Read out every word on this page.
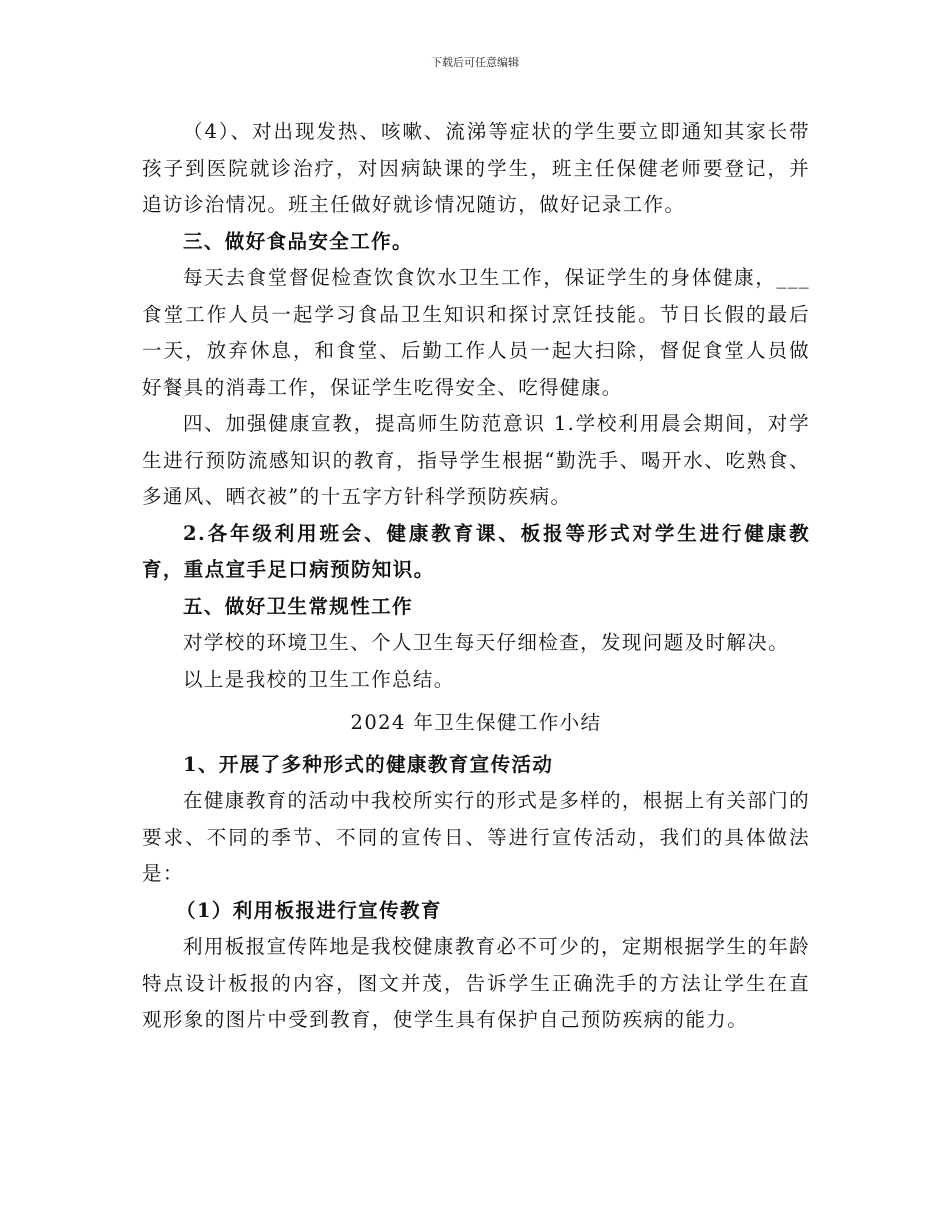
下载后可任意编辑

（4）、对出现发热、咳嗽、流涕等症状的学生要立即通知其家长带孩子到医院就诊治疗，对因病缺课的学生，班主任保健老师要登记，并追访诊治情况。班主任做好就诊情况随访，做好记录工作。

三、做好食品安全工作。

每天去食堂督促检查饮食饮水卫生工作，保证学生的身体健康，___食堂工作人员一起学习食品卫生知识和探讨烹饪技能。节日长假的最后一天，放弃休息，和食堂、后勤工作人员一起大扫除，督促食堂人员做好餐具的消毒工作，保证学生吃得安全、吃得健康。

四、加强健康宣教，提高师生防范意识 1.学校利用晨会期间，对学生进行预防流感知识的教育，指导学生根据“勤洗手、喝开水、吃熟食、多通风、晒衣被”的十五字方针科学预防疾病。

2.各年级利用班会、健康教育课、板报等形式对学生进行健康教育，重点宣手足口病预防知识。

五、做好卫生常规性工作

对学校的环境卫生、个人卫生每天仔细检查，发现问题及时解决。

以上是我校的卫生工作总结。

2024 年卫生保健工作小结

1、开展了多种形式的健康教育宣传活动

在健康教育的活动中我校所实行的形式是多样的，根据上有关部门的要求、不同的季节、不同的宣传日、等进行宣传活动，我们的具体做法是：

（1）利用板报进行宣传教育

利用板报宣传阵地是我校健康教育必不可少的，定期根据学生的年龄特点设计板报的内容，图文并茂，告诉学生正确洗手的方法让学生在直观形象的图片中受到教育，使学生具有保护自己预防疾病的能力。
